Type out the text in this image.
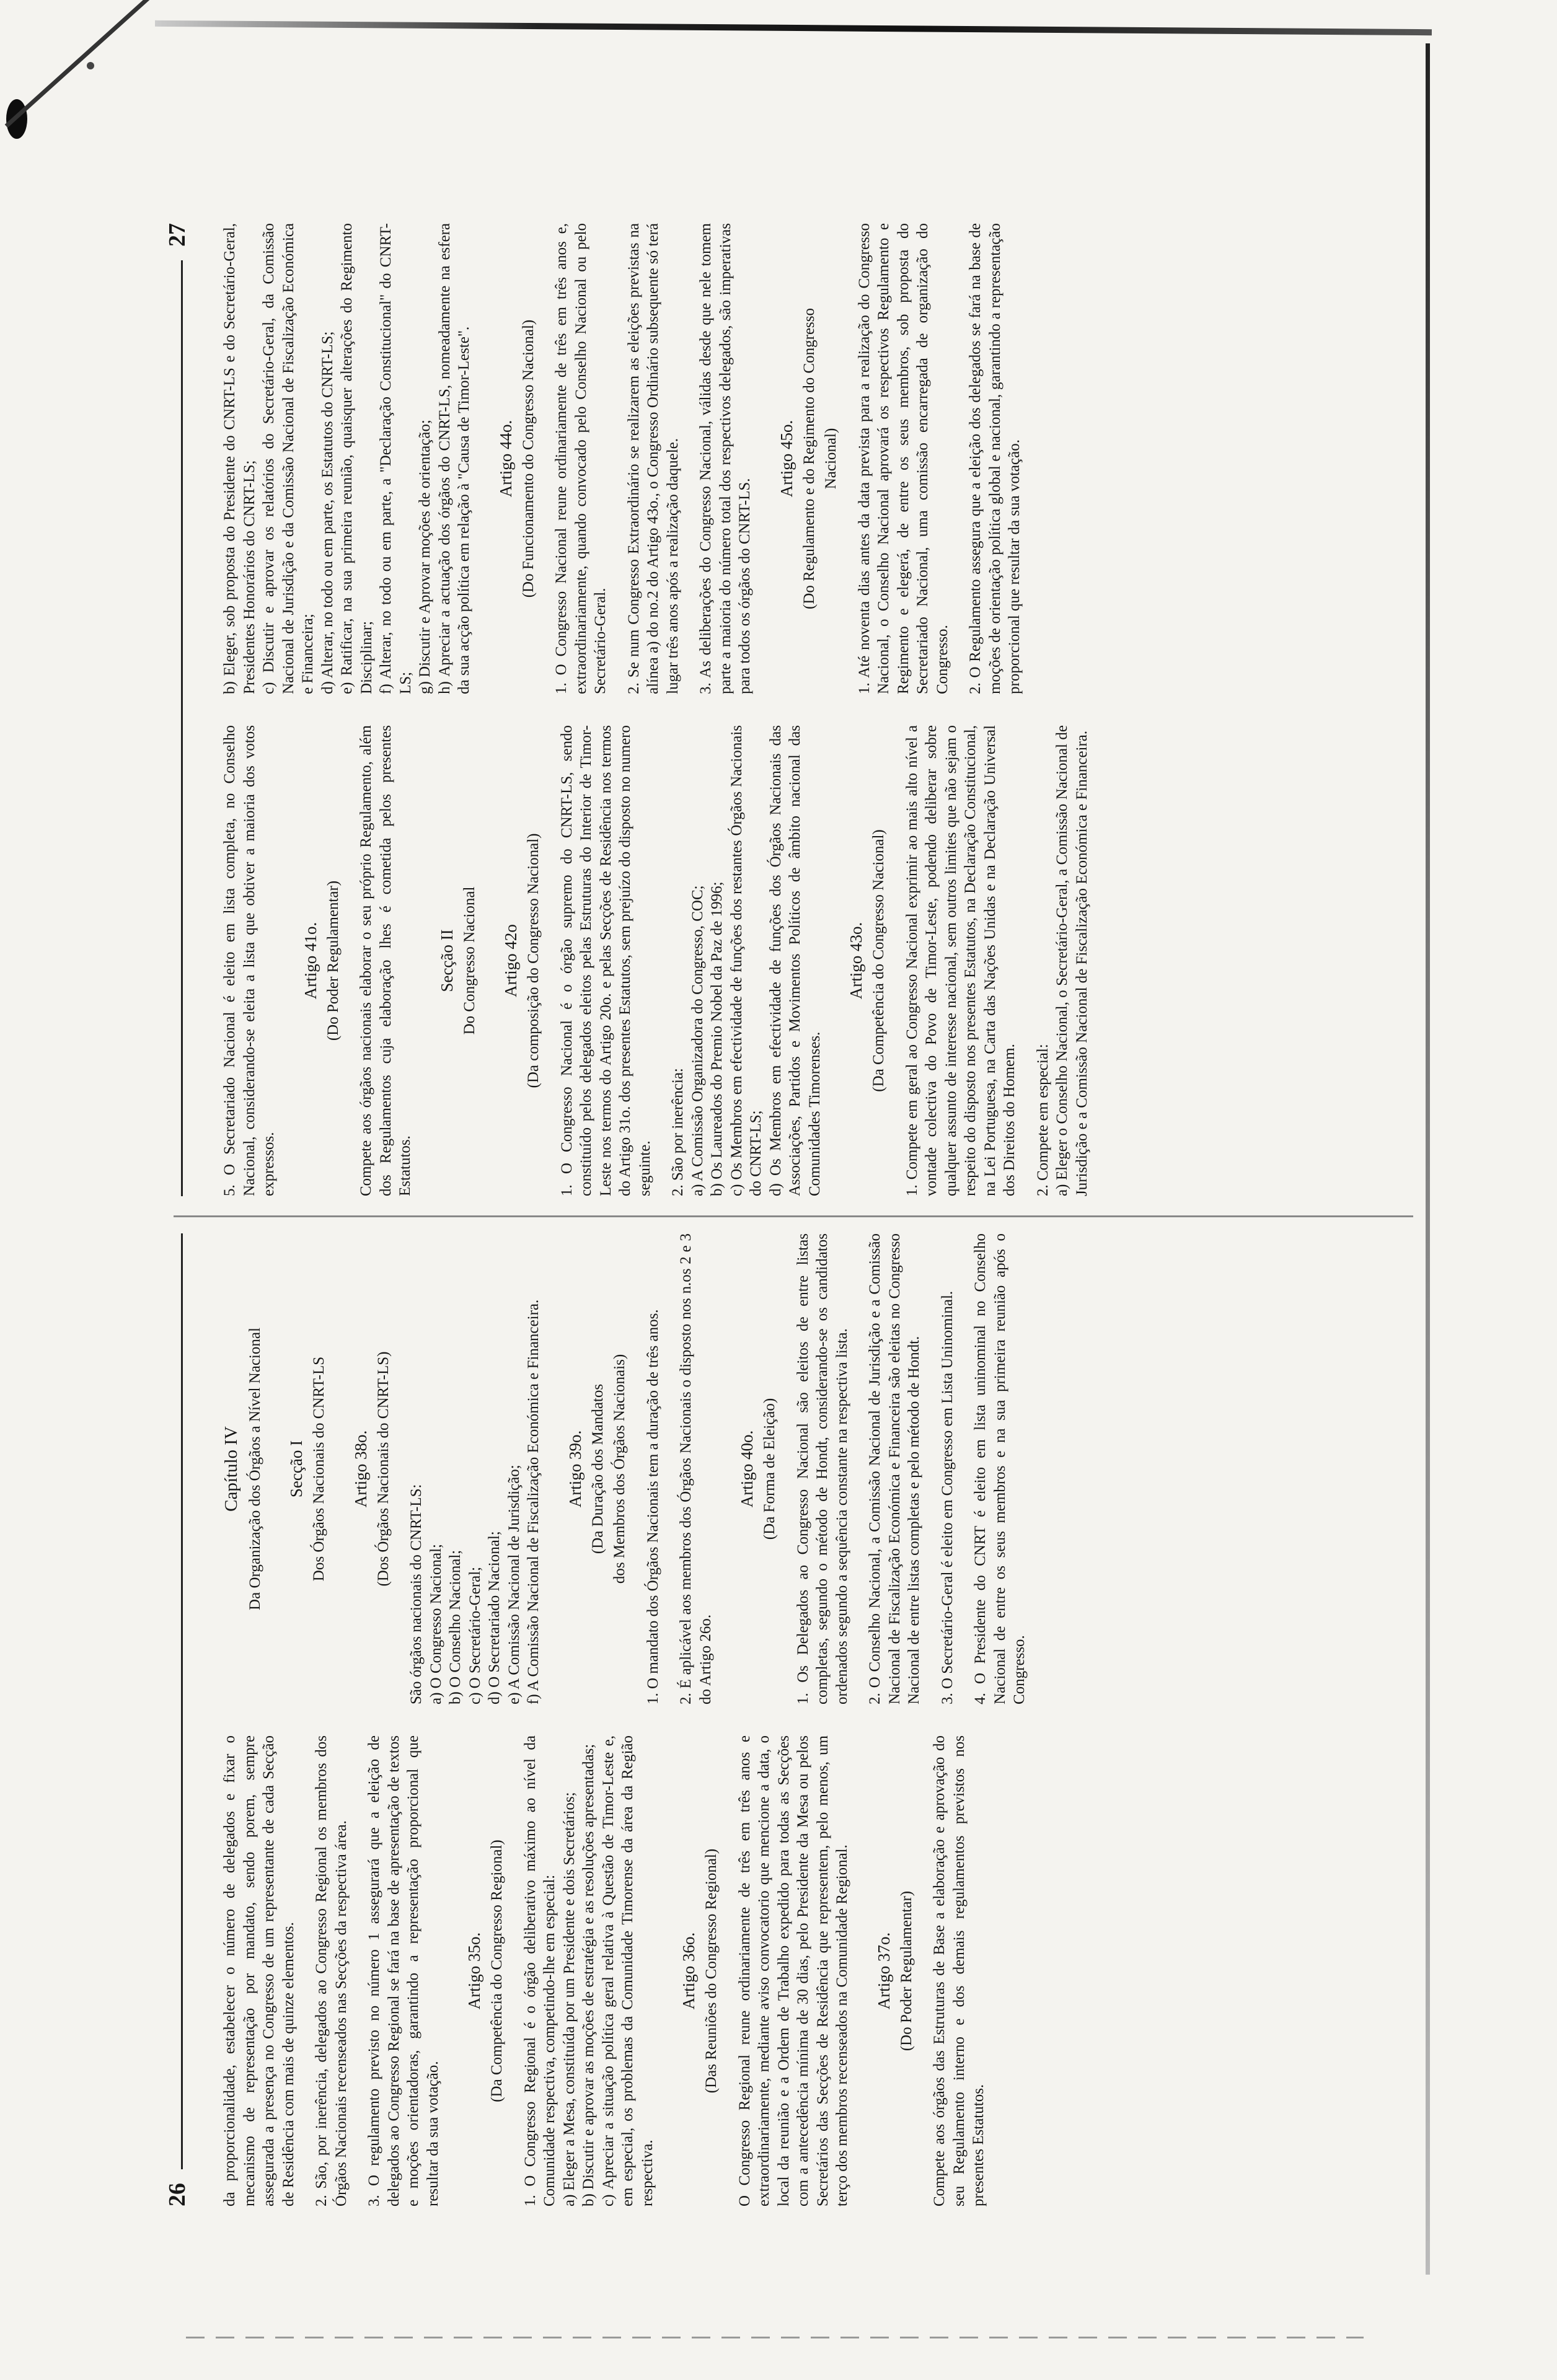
26 da proporcionalidade, estabelecer o número de delegados e fixar o mecanismo de representação por mandato, sendo porem, sempre assegurada a presença no Congresso de um representante de cada Secção de Residência com mais de quinze elementos. 2. São, por inerência, delegados ao Congresso Regional os membros dos Órgãos Nacionais recenseados nas Secções da respectiva área. 3. O regulamento previsto no número 1 assegurará que a eleição de delegados ao Congresso Regional se fará na base de apresentação de textos e moções orientadoras, garantindo a representação proporcional que resultar da sua votação.

Artigo 35o. (Da Competência do Congresso Regional) 1. O Congresso Regional é o órgão deliberativo máximo ao nível da Comunidade respectiva, competindo-lhe em especial: a) Eleger a Mesa, constituída por um Presidente e dois Secretários; b) Discutir e aprovar as moções de estratégia e as resoluções apresentadas; c) Apreciar a situação política geral relativa à Questão de Timor-Leste e, em especial, os problemas da Comunidade Timorense da área da Região respectiva.
Artigo 36o. (Das Reuniões do Congresso Regional) O Congresso Regional reune ordinariamente de três em três anos e extraordinariamente, mediante aviso convocatorio que mencione a data, o local da reunião e a Ordem de Trabalho expedido para todas as Secções com a antecedência mínima de 30 dias, pelo Presidente da Mesa ou pelos Secretários das Secções de Residência que representem, pelo menos, um terço dos membros recenseados na Comunidade Regional. Artigo 37o. (Do Poder Regulamentar) Compete aos órgãos das Estruturas de Base a elaboração e aprovação do seu Regulamento interno e dos demais regulamentos previstos nos presentes Estatutos.

Capítulo IV Da Organização dos Órgãos a Nível Nacional Secção I Dos Órgãos Nacionais do CNRT-LS Artigo 38o. (Dos Órgãos Nacionais do CNRT-LS)
São órgãos nacionais do CNRT-LS: a) O Congresso Nacional; b) O Conselho Nacional; c) O Secretário-Geral; d) O Secretariado Nacional; e) A Comissão Nacional de Jurisdição; f) A Comissão Nacional de Fiscalização Económica e Financeira. Artigo 39o. (Da Duração dos Mandatos dos Membros dos Órgãos Nacionais) 1. O mandato dos Órgãos Nacionais tem a duração de três anos. 2. É aplicável aos membros dos Órgãos Nacionais o disposto nos n.os 2 e 3 do Artigo 26o.

Artigo 40o. (Da Forma de Eleição) 1. Os Delegados ao Congresso Nacional são eleitos de entre listas completas, segundo o método de Hondt, considerando-se os candidatos ordenados segundo a sequência constante na respectiva lista. 2. O Conselho Nacional, a Comissão Nacional de Jurisdição e a Comissão Nacional de Fiscalização Económica e Financeira são eleitas no Congresso Nacional de entre listas completas e pelo método de Hondt. 3. O Secretário-Geral é eleito em Congresso em Lista Uninominal. 4. O Presidente do CNRT é eleito em lista uninominal no Conselho Nacional de entre os seus membros e na sua primeira reunião após o Congresso.

27

5. O Secretariado Nacional é eleito em lista completa, no Conselho Nacional, considerando-se eleita a lista que obtiver a maioria dos votos expressos.

Artigo 41o. (Do Poder Regulamentar) Compete aos órgãos nacionais elaborar o seu próprio Regulamento, além dos Regulamentos cuja elaboração lhes é cometida pelos presentes Estatutos.

Secção II Do Congresso Nacional Artigo 42o (Da composição do Congresso Nacional) 1. O Congresso Nacional é o órgão supremo do CNRT-LS, sendo constituído pelos delegados eleitos pelas Estruturas do Interior de Timor-Leste nos termos do Artigo 20o. e pelas Secções de Residência nos termos do Artigo 31o. dos presentes Estatutos, sem prejuízo do disposto no numero seguinte. 2. São por inerência: a) A Comissão Organizadora do Congresso, COC; b) Os Laureados do Premio Nobel da Paz de 1996; c) Os Membros em efectividade de funções dos restantes Órgãos Nacionais do CNRT-LS; d) Os Membros em efectividade de funções dos Órgãos Nacionais das Associações, Partidos e Movimentos Políticos de âmbito nacional das Comunidades Timorenses.
Artigo 43o. (Da Competência do Congresso Nacional) 1. Compete em geral ao Congresso Nacional exprimir ao mais alto nível a vontade colectiva do Povo de Timor-Leste, podendo deliberar sobre qualquer assunto de interesse nacional, sem outros limites que não sejam o respeito do disposto nos presentes Estatutos, na Declaração Constitucional, na Lei Portuguesa, na Carta das Nações Unidas e na Declaração Universal dos Direitos do Homem. 2. Compete em especial: a) Eleger o Conselho Nacional, o Secretário-Geral, a Comissão Nacional de Jurisdição e a Comissão Nacional de Fiscalização Económica e Financeira.
b) Eleger, sob proposta do Presidente do CNRT-LS e do Secretário-Geral, Presidentes Honorários do CNRT-LS; c) Discutir e aprovar os relatórios do Secretário-Geral, da Comissão Nacional de Jurisdição e da Comissão Nacional de Fiscalização Económica e Financeira; d) Alterar, no todo ou em parte, os Estatutos do CNRT-LS; e) Ratificar, na sua primeira reunião, quaisquer alterações do Regimento Disciplinar; f) Alterar, no todo ou em parte, a "Declaração Constitucional" do CNRT-LS; g) Discutir e Aprovar moções de orientação; h) Apreciar a actuação dos órgãos do CNRT-LS, nomeadamente na esfera da sua acção política em relação à "Causa de Timor-Leste". Artigo 44o. (Do Funcionamento do Congresso Nacional) 1. O Congresso Nacional reune ordinariamente de três em três anos e, extraordinariamente, quando convocado pelo Conselho Nacional ou pelo Secretário-Geral. 2. Se num Congresso Extraordinário se realizarem as eleições previstas na alínea a) do no.2 do Artigo 43o., o Congresso Ordinário subsequente só terá lugar três anos após a realização daquele. 3. As deliberações do Congresso Nacional, válidas desde que nele tomem parte a maioria do número total dos respectivos delegados, são imperativas para todos os órgãos do CNRT-LS.

Artigo 45o. (Do Regulamento e do Regimento do Congresso Nacional) 1. Até noventa dias antes da data prevista para a realização do Congresso Nacional, o Conselho Nacional aprovará os respectivos Regulamento e Regimento e elegerá, de entre os seus membros, sob proposta do Secretariado Nacional, uma comissão encarregada de organização do Congresso. 2. O Regulamento assegura que a eleição dos delegados se fará na base de moções de orientação política global e nacional, garantindo a representação proporcional que resultar da sua votação.
